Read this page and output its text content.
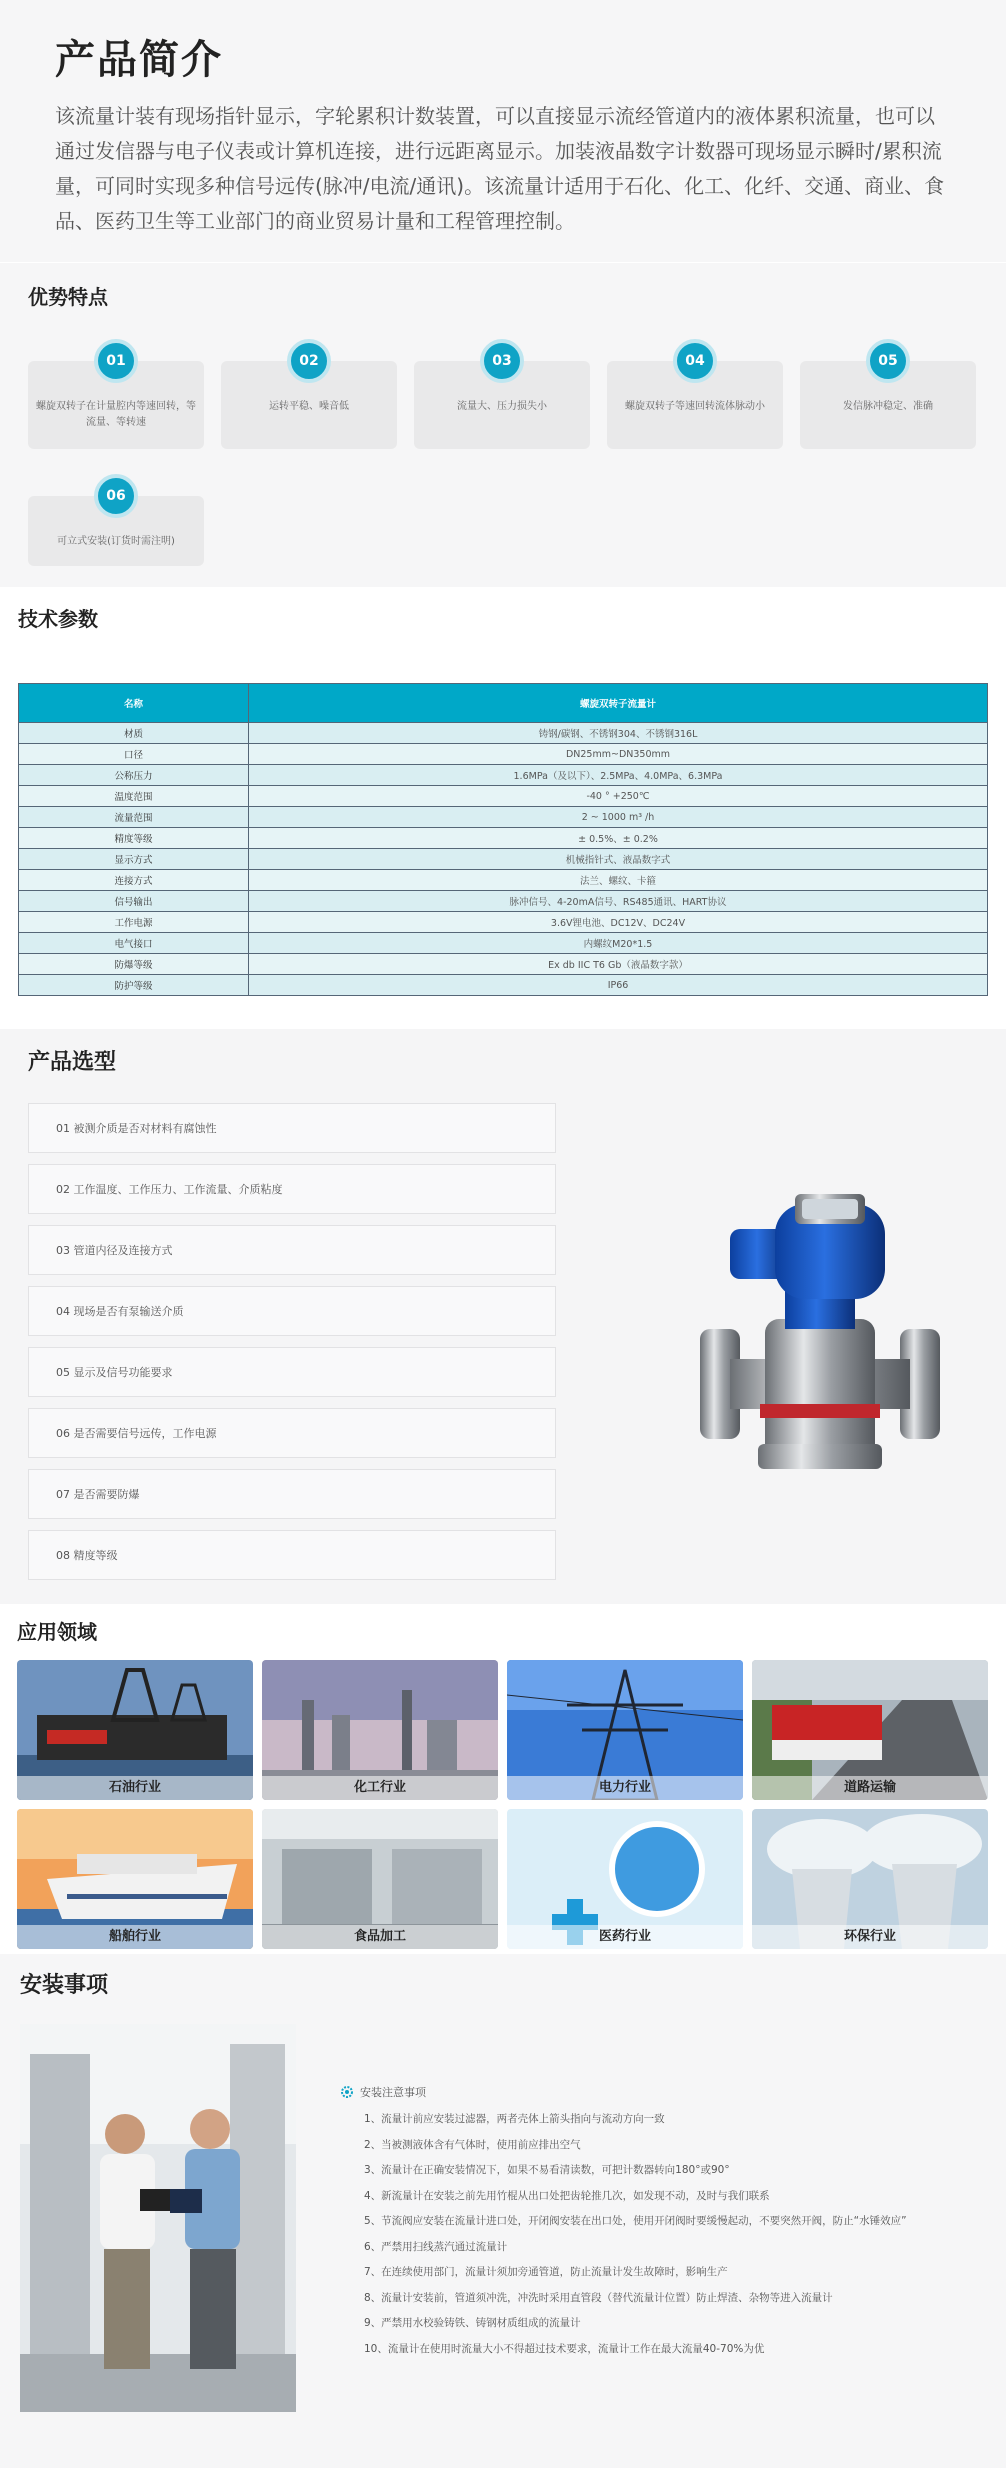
产品简介

该流量计装有现场指针显示，字轮累积计数装置，可以直接显示流经管道内的液体累积流量，也可以通过发信器与电子仪表或计算机连接，进行远距离显示。加装液晶数字计数器可现场显示瞬时/累积流量，可同时实现多种信号远传(脉冲/电流/通讯)。该流量计适用于石化、化工、化纤、交通、商业、食品、医药卫生等工业部门的商业贸易计量和工程管理控制。

优势特点
01
螺旋双转子在计量腔内等速回转，等流量、等转速
02
运转平稳、噪音低
03
流量大、压力损失小
04
螺旋双转子等速回转流体脉动小
05
发信脉冲稳定、准确
06
可立式安装(订货时需注明)
技术参数
名称	螺旋双转子流量计
材质	铸钢/碳钢、不锈钢304、不锈钢316L
口径	DN25mm~DN350mm
公称压力	1.6MPa（及以下）、2.5MPa、4.0MPa、6.3MPa
温度范围	-40 ° +250℃
流量范围	2 ~ 1000 m³ /h
精度等级	± 0.5%、± 0.2%
显示方式	机械指针式、液晶数字式
连接方式	法兰、螺纹、卡箍
信号输出	脉冲信号、4-20mA信号、RS485通讯、HART协议
工作电源	3.6V锂电池、DC12V、DC24V
电气接口	内螺纹M20*1.5
防爆等级	Ex db IIC T6 Gb（液晶数字款）
防护等级	IP66
产品选型
01 被测介质是否对材料有腐蚀性
02 工作温度、工作压力、工作流量、介质粘度
03 管道内径及连接方式
04 现场是否有泵输送介质
05 显示及信号功能要求
06 是否需要信号远传，工作电源
07 是否需要防爆
08 精度等级
应用领域
石油行业	化工行业	电力行业	道路运输
船舶行业	食品加工	医药行业	环保行业
安装事项
安装注意事项
1、流量计前应安装过滤器，两者壳体上箭头指向与流动方向一致
2、当被测液体含有气体时，使用前应排出空气
3、流量计在正确安装情况下，如果不易看清读数，可把计数器转向180°或90°
4、新流量计在安装之前先用竹棍从出口处把齿轮推几次，如发现不动，及时与我们联系
5、节流阀应安装在流量计进口处，开闭阀安装在出口处，使用开闭阀时要缓慢起动，不要突然开阀，防止“水锤效应”
6、严禁用扫线蒸汽通过流量计
7、在连续使用部门，流量计须加旁通管道，防止流量计发生故障时，影响生产
8、流量计安装前，管道须冲洗，冲洗时采用直管段（替代流量计位置）防止焊渣、杂物等进入流量计
9、严禁用水校验铸铁、铸钢材质组成的流量计
10、流量计在使用时流量大小不得超过技术要求，流量计工作在最大流量40-70%为优
